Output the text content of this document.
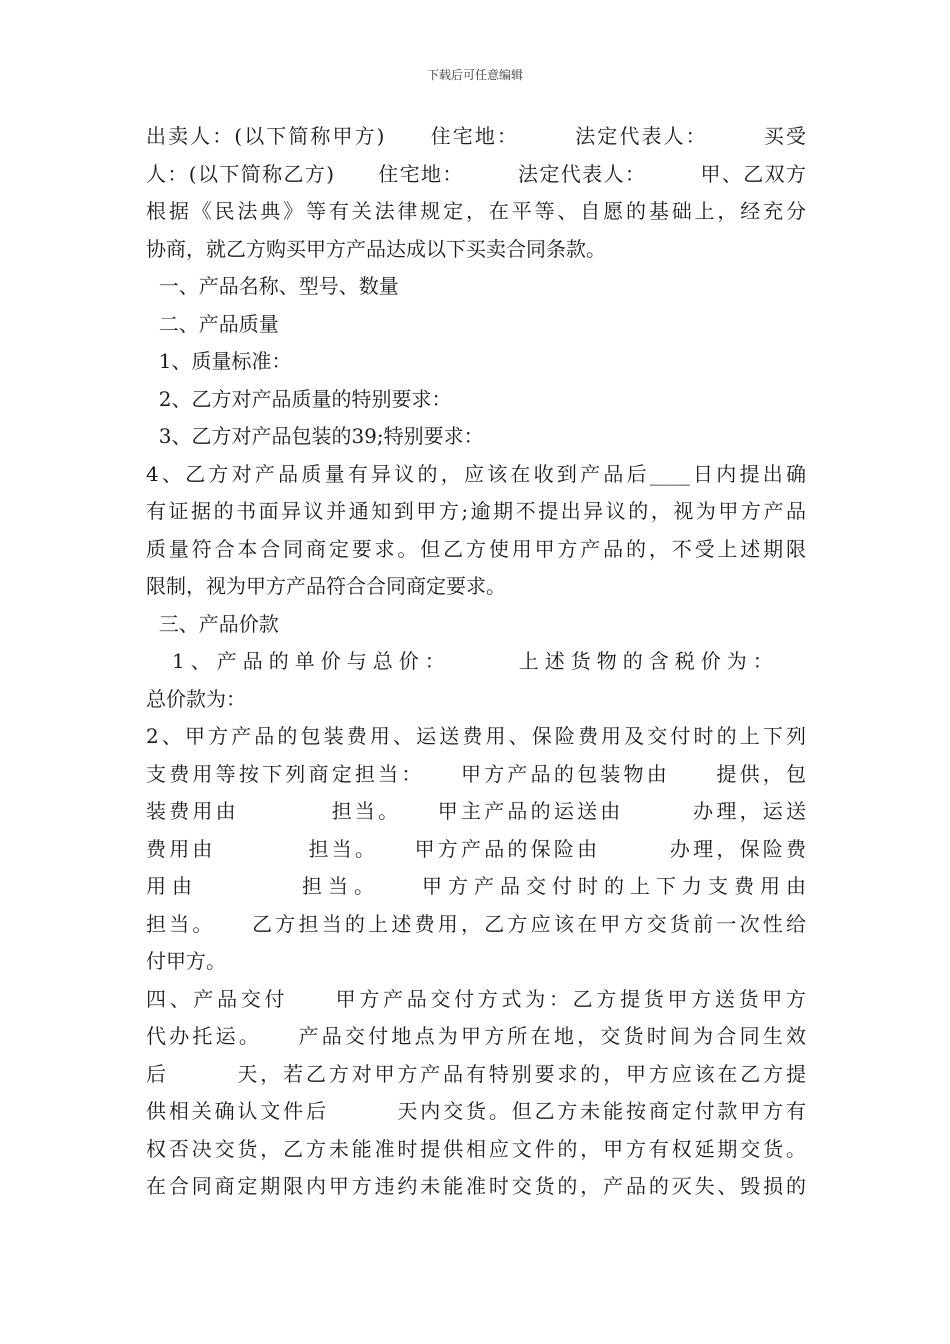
下载后可任意编辑
出卖人：(以下简称甲方)　　住宅地：　　　法定代表人：　　　买受
人：(以下简称乙方)　　住宅地：　　　法定代表人：　　　甲、乙双方
根据《民法典》等有关法律规定，在平等、自愿的基础上，经充分
协商，就乙方购买甲方产品达成以下买卖合同条款。
一、产品名称、型号、数量
二、产品质量
1、质量标准：
2、乙方对产品质量的特别要求：
3、乙方对产品包装的39;特别要求：
4、乙方对产品质量有异议的，应该在收到产品后____日内提出确
有证据的书面异议并通知到甲方;逾期不提出异议的，视为甲方产品
质量符合本合同商定要求。但乙方使用甲方产品的，不受上述期限
限制，视为甲方产品符合合同商定要求。
三、产品价款
　1、产品的单价与总价：　　　上述货物的含税价为：
总价款为：
2、甲方产品的包装费用、运送费用、保险费用及交付时的上下列
支费用等按下列商定担当：　　甲方产品的包装物由　　提供，包
装费用由　　　　担当。　　甲主产品的运送由　　　办理，运送
费用由　　　　担当。　　甲方产品的保险由　　　办理，保险费
用由　　　　担当。　　甲方产品交付时的上下力支费用由
担当。　　乙方担当的上述费用，乙方应该在甲方交货前一次性给
付甲方。
四、产品交付　　甲方产品交付方式为：乙方提货甲方送货甲方
代办托运。　　产品交付地点为甲方所在地，交货时间为合同生效
后　　　天，若乙方对甲方产品有特别要求的，甲方应该在乙方提
供相关确认文件后　　　天内交货。但乙方未能按商定付款甲方有
权否决交货，乙方未能准时提供相应文件的，甲方有权延期交货。
在合同商定期限内甲方违约未能准时交货的，产品的灭失、毁损的
